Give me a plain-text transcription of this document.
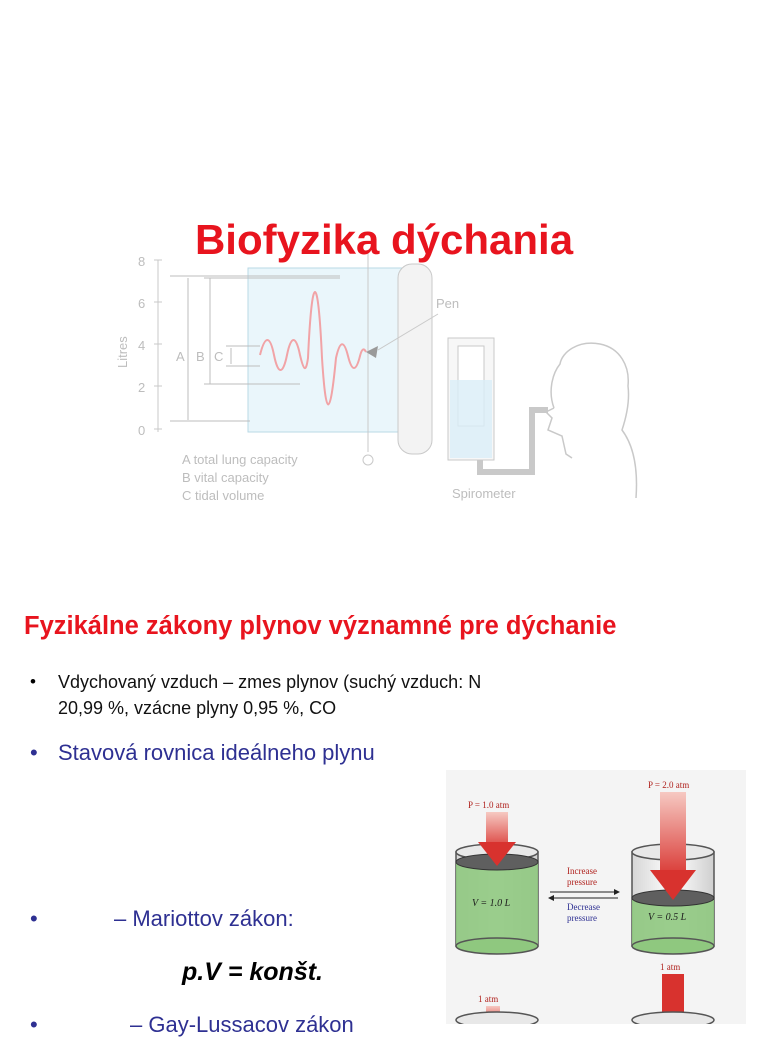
8
6
4
2
0
Litres	A B C
Pen
Spirometer
A total lung capacity
B vital capacity
C tidal volume
Biofyzika dýchania
Fyzikálne zákony plynov významné pre dýchanie
• Vdychovaný vzduch – zmes plynov (suchý vzduch: N
20,99 %, vzácne plyny 0,95 %, CO
• Stavová rovnica ideálneho plynu
•	– Mariottov zákon:
p.V = konšt.
•	– Gay-Lussacov zákon
P = 1.0 atm
V = 1.0 L
P = 2.0 atm
V = 0.5 L
Increase
pressure
Decrease
pressure
1 atm
1 atm
